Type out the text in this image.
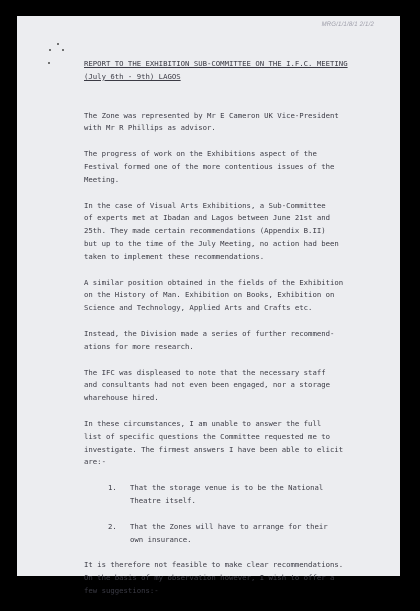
MRG/1/1/8/1 2/1/2
REPORT TO THE EXHIBITION SUB-COMMITTEE ON THE I.F.C. MEETING
(July 6th - 9th) LAGOS

The Zone was represented by Mr E Cameron UK Vice-President
with Mr R Phillips as advisor.

The progress of work on the Exhibitions aspect of the
Festival formed one of the more contentious issues of the
Meeting.

In the case of Visual Arts Exhibitions, a Sub-Committee
of experts met at Ibadan and Lagos between June 21st and
25th. They made certain recommendations (Appendix B.II)
but up to the time of the July Meeting, no action had been
taken to implement these recommendations.

A similar position obtained in the fields of the Exhibition
on the History of Man. Exhibition on Books, Exhibition on
Science and Technology, Applied Arts and Crafts etc.

Instead, the Division made a series of further recommend-
ations for more research.

The IFC was displeased to note that the necessary staff
and consultants had not even been engaged, nor a storage
wharehouse hired.

In these circumstances, I am unable to answer the full
list of specific questions the Committee requested me to
investigate. The firmest answers I have been able to elicit
are:-

1.	That the storage venue is to be the National
Theatre itself.
2.	That the Zones will have to arrange for their
own insurance.

It is therefore not feasible to make clear recommendations.
On the basis of my observation however, I wish to offer a
few suggestions:-
